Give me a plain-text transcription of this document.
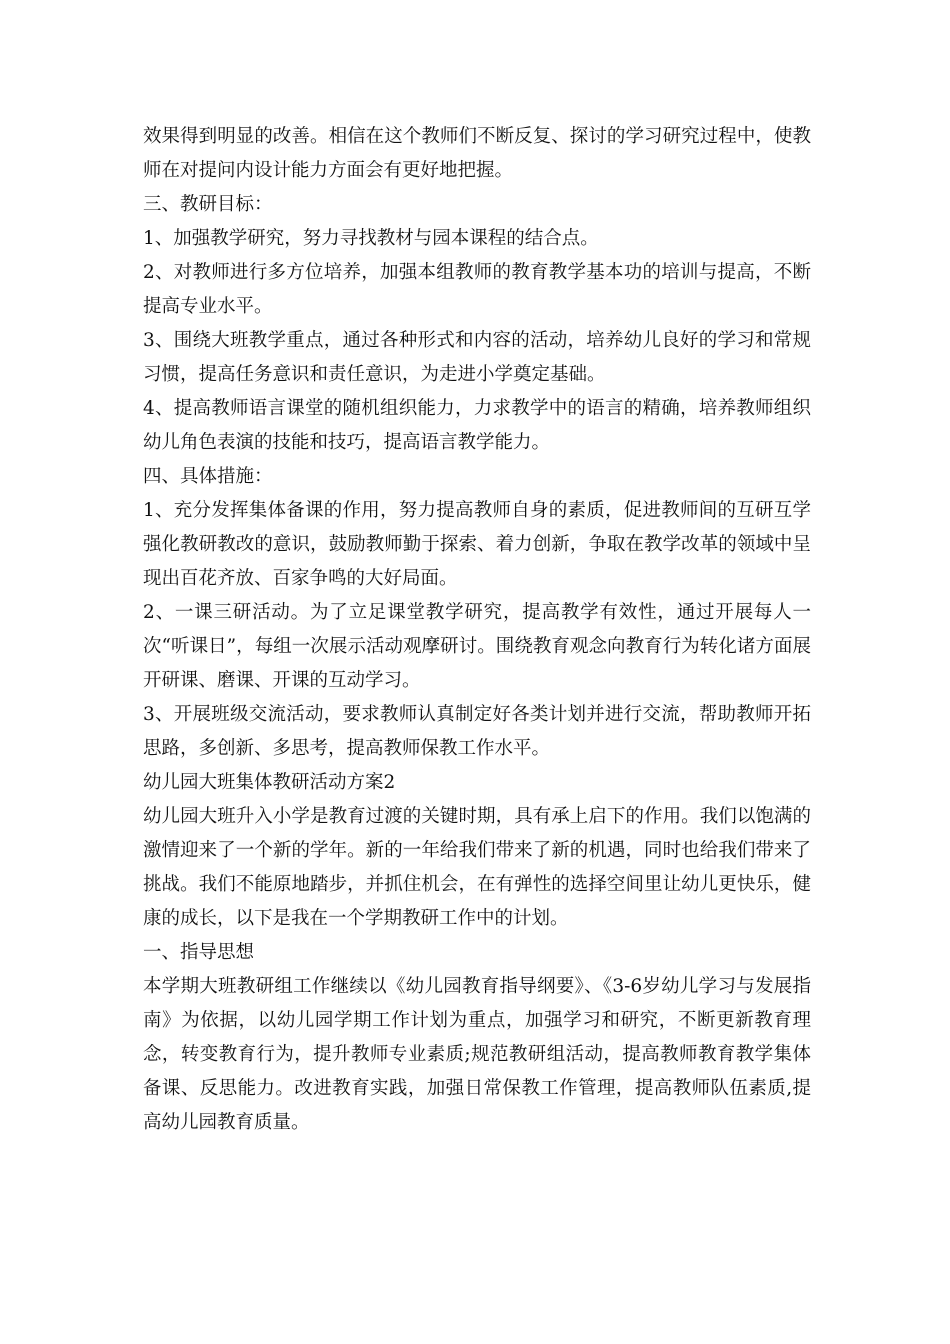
效果得到明显的改善。相信在这个教师们不断反复、探讨的学习研究过程中，使教师在对提问内设计能力方面会有更好地把握。

三、教研目标：

1、加强教学研究，努力寻找教材与园本课程的结合点。

2、对教师进行多方位培养，加强本组教师的教育教学基本功的培训与提高，不断提高专业水平。

3、围绕大班教学重点，通过各种形式和内容的活动，培养幼儿良好的学习和常规习惯，提高任务意识和责任意识，为走进小学奠定基础。

4、提高教师语言课堂的随机组织能力，力求教学中的语言的精确，培养教师组织幼儿角色表演的技能和技巧，提高语言教学能力。

四、具体措施：

1、充分发挥集体备课的作用，努力提高教师自身的素质，促进教师间的互研互学强化教研教改的意识，鼓励教师勤于探索、着力创新，争取在教学改革的领域中呈现出百花齐放、百家争鸣的大好局面。

2、一课三研活动。为了立足课堂教学研究，提高教学有效性，通过开展每人一次“听课日”，每组一次展示活动观摩研讨。围绕教育观念向教育行为转化诸方面展开研课、磨课、开课的互动学习。

3、开展班级交流活动，要求教师认真制定好各类计划并进行交流，帮助教师开拓思路，多创新、多思考，提高教师保教工作水平。

幼儿园大班集体教研活动方案2

幼儿园大班升入小学是教育过渡的关键时期，具有承上启下的作用。我们以饱满的激情迎来了一个新的学年。新的一年给我们带来了新的机遇，同时也给我们带来了挑战。我们不能原地踏步，并抓住机会，在有弹性的选择空间里让幼儿更快乐，健康的成长，以下是我在一个学期教研工作中的计划。

一、指导思想

本学期大班教研组工作继续以《幼儿园教育指导纲要》、《3-6岁幼儿学习与发展指南》为依据，以幼儿园学期工作计划为重点，加强学习和研究，不断更新教育理念，转变教育行为，提升教师专业素质;规范教研组活动，提高教师教育教学集体备课、反思能力。改进教育实践，加强日常保教工作管理，提高教师队伍素质,提高幼儿园教育质量。
